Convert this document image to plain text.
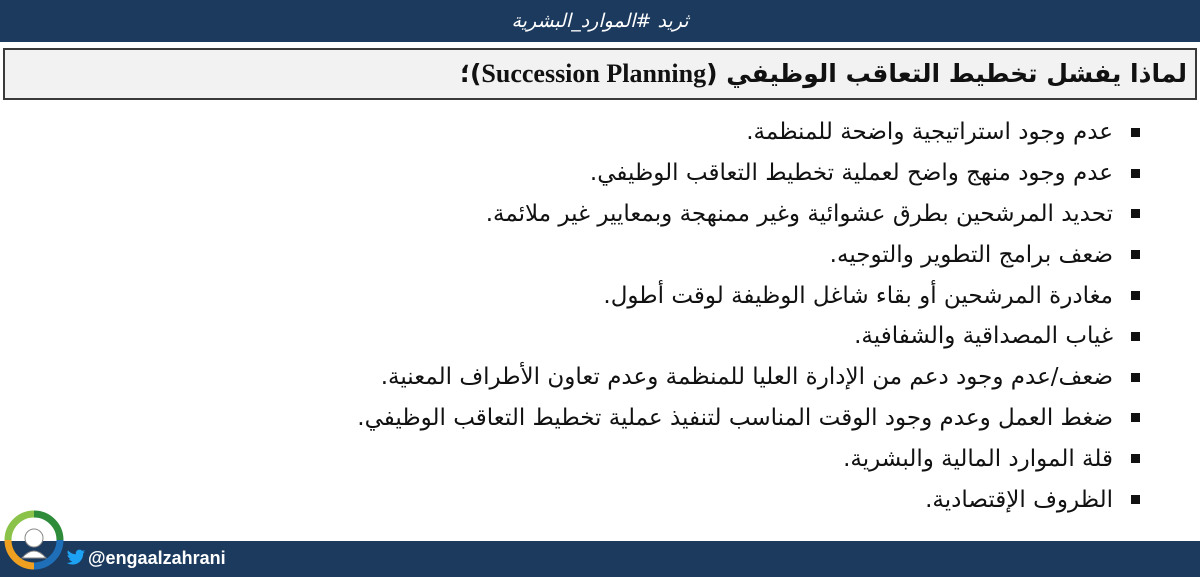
ثريد #الموارد_البشرية
لماذا يفشل تخطيط التعاقب الوظيفي (Succession Planning)؛
عدم وجود استراتيجية واضحة للمنظمة.
عدم وجود منهج واضح لعملية تخطيط التعاقب الوظيفي.
تحديد المرشحين بطرق عشوائية وغير ممنهجة وبمعايير غير ملائمة.
ضعف برامج التطوير والتوجيه.
مغادرة المرشحين أو بقاء شاغل الوظيفة لوقت أطول.
غياب المصداقية والشفافية.
ضعف/عدم وجود دعم من الإدارة العليا للمنظمة وعدم تعاون الأطراف المعنية.
ضغط العمل وعدم وجود الوقت المناسب لتنفيذ عملية تخطيط التعاقب الوظيفي.
قلة الموارد المالية والبشرية.
الظروف الإقتصادية.
@engaalzahrani
